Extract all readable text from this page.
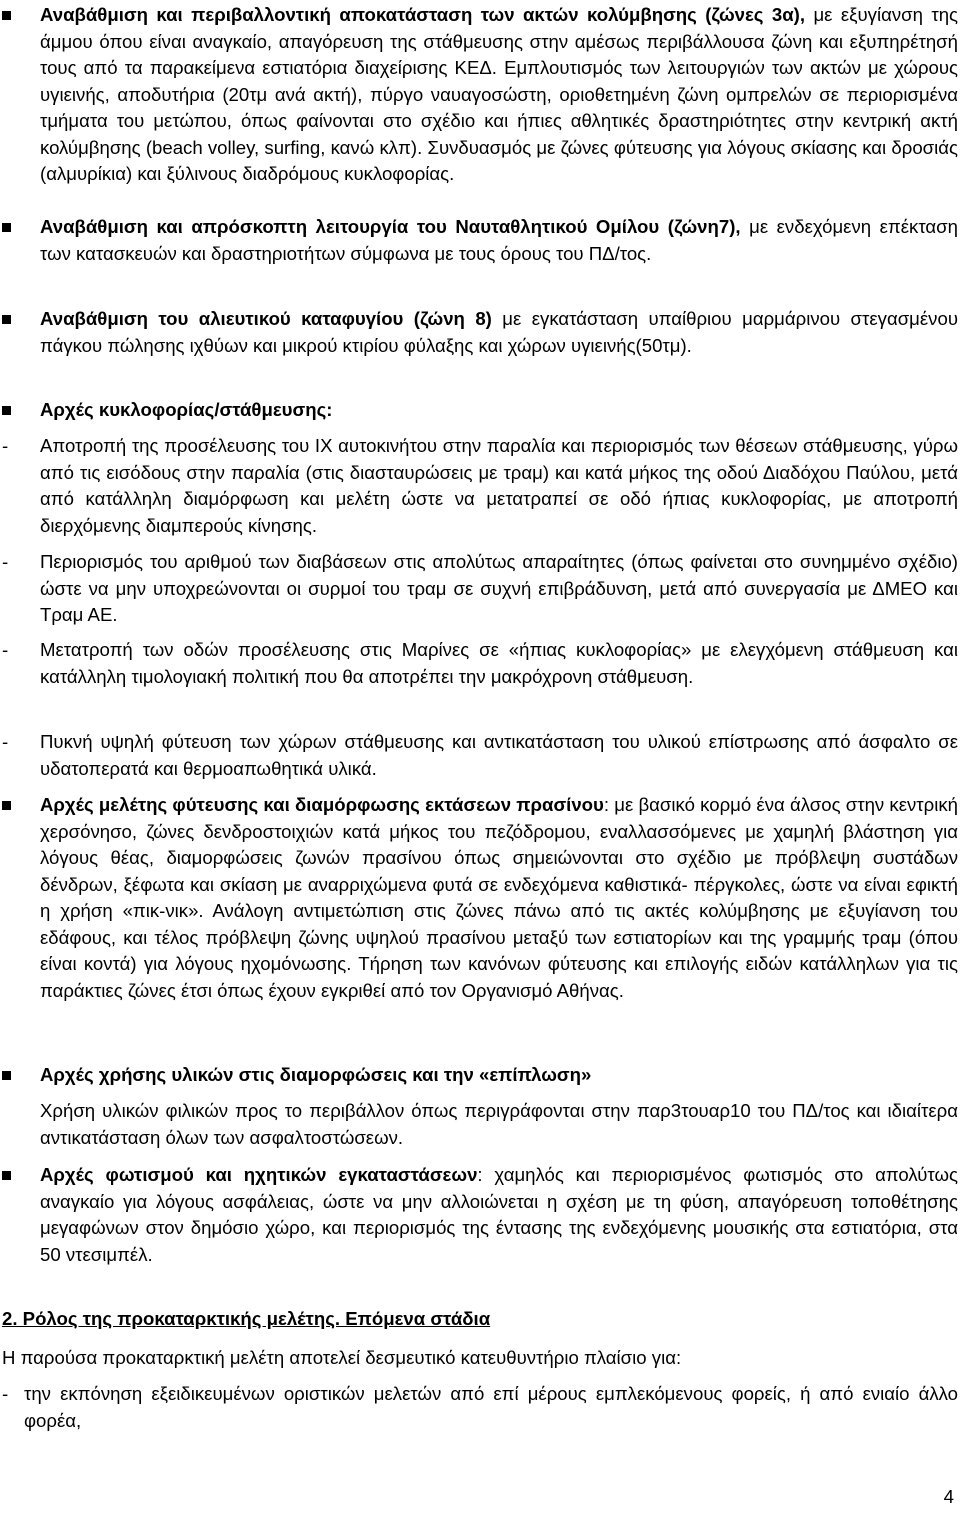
Αναβάθμιση και περιβαλλοντική αποκατάσταση των ακτών κολύμβησης (ζώνες 3α), με εξυγίανση της άμμου όπου είναι αναγκαίο, απαγόρευση της στάθμευσης στην αμέσως περιβάλλουσα ζώνη και εξυπηρέτησή τους από τα παρακείμενα εστιατόρια διαχείρισης ΚΕΔ. Εμπλουτισμός των λειτουργιών των ακτών με χώρους υγιεινής, αποδυτήρια (20τμ ανά ακτή), πύργο ναυαγοσώστη, οριοθετημένη ζώνη ομπρελών σε περιορισμένα τμήματα του μετώπου, όπως φαίνονται στο σχέδιο και ήπιες αθλητικές δραστηριότητες στην κεντρική ακτή κολύμβησης (beach volley, surfing, κανώ κλπ). Συνδυασμός με ζώνες φύτευσης για λόγους σκίασης και δροσιάς (αλμυρίκια) και ξύλινους διαδρόμους κυκλοφορίας.
Αναβάθμιση και απρόσκοπτη λειτουργία του Ναυταθλητικού Ομίλου (ζώνη7), με ενδεχόμενη επέκταση των κατασκευών και δραστηριοτήτων σύμφωνα με τους όρους του ΠΔ/τος.
Αναβάθμιση του αλιευτικού καταφυγίου (ζώνη 8) με εγκατάσταση υπαίθριου μαρμάρινου στεγασμένου πάγκου πώλησης ιχθύων και μικρού κτιρίου φύλαξης και χώρων υγιεινής(50τμ).
Αρχές κυκλοφορίας/στάθμευσης:
- Αποτροπή της προσέλευσης του ΙΧ αυτοκινήτου στην παραλία και περιορισμός των θέσεων στάθμευσης, γύρω από τις εισόδους στην παραλία (στις διασταυρώσεις με τραμ) και κατά μήκος της οδού Διαδόχου Παύλου, μετά από κατάλληλη διαμόρφωση και μελέτη ώστε να μετατραπεί σε οδό ήπιας κυκλοφορίας, με αποτροπή διερχόμενης διαμπερούς κίνησης.
- Περιορισμός του αριθμού των διαβάσεων στις απολύτως απαραίτητες (όπως φαίνεται στο συνημμένο σχέδιο) ώστε να μην υποχρεώνονται οι συρμοί του τραμ σε συχνή επιβράδυνση, μετά από συνεργασία με ΔΜΕΟ και Τραμ ΑΕ.
- Μετατροπή των οδών προσέλευσης στις Μαρίνες σε «ήπιας κυκλοφορίας» με ελεγχόμενη στάθμευση και κατάλληλη τιμολογιακή πολιτική που θα αποτρέπει την μακρόχρονη στάθμευση.
- Πυκνή υψηλή φύτευση των χώρων στάθμευσης και αντικατάσταση του υλικού επίστρωσης από άσφαλτο σε υδατοπερατά και θερμοαπωθητικά υλικά.
Αρχές μελέτης φύτευσης και διαμόρφωσης εκτάσεων πρασίνου: με βασικό κορμό ένα άλσος στην κεντρική χερσόνησο, ζώνες δενδροστοιχιών κατά μήκος του πεζόδρομου, εναλλασσόμενες με χαμηλή βλάστηση για λόγους θέας, διαμορφώσεις ζωνών πρασίνου όπως σημειώνονται στο σχέδιο με πρόβλεψη συστάδων δένδρων, ξέφωτα και σκίαση με αναρριχώμενα φυτά σε ενδεχόμενα καθιστικά- πέργκολες, ώστε να είναι εφικτή η χρήση «πικ-νικ». Ανάλογη αντιμετώπιση στις ζώνες πάνω από τις ακτές κολύμβησης με εξυγίανση του εδάφους, και τέλος πρόβλεψη ζώνης υψηλού πρασίνου μεταξύ των εστιατορίων και της γραμμής τραμ (όπου είναι κοντά) για λόγους ηχομόνωσης. Τήρηση των κανόνων φύτευσης και επιλογής ειδών κατάλληλων για τις παράκτιες ζώνες έτσι όπως έχουν εγκριθεί από τον Οργανισμό Αθήνας.
Αρχές χρήσης υλικών στις διαμορφώσεις και την «επίπλωση»
Χρήση υλικών φιλικών προς το περιβάλλον όπως περιγράφονται στην παρ3τουαρ10 του ΠΔ/τος και ιδιαίτερα αντικατάσταση όλων των ασφαλτοστώσεων.
Αρχές φωτισμού και ηχητικών εγκαταστάσεων: χαμηλός και περιορισμένος φωτισμός στο απολύτως αναγκαίο για λόγους ασφάλειας, ώστε να μην αλλοιώνεται η σχέση με τη φύση, απαγόρευση τοποθέτησης μεγαφώνων στον δημόσιο χώρο, και περιορισμός της έντασης της ενδεχόμενης μουσικής στα εστιατόρια, στα 50 ντεσιμπέλ.
2. Ρόλος της προκαταρκτικής μελέτης. Επόμενα στάδια
Η παρούσα προκαταρκτική μελέτη αποτελεί δεσμευτικό κατευθυντήριο πλαίσιο για:
- την εκπόνηση εξειδικευμένων οριστικών μελετών από επί μέρους εμπλεκόμενους φορείς, ή από ενιαίο άλλο φορέα,
4
